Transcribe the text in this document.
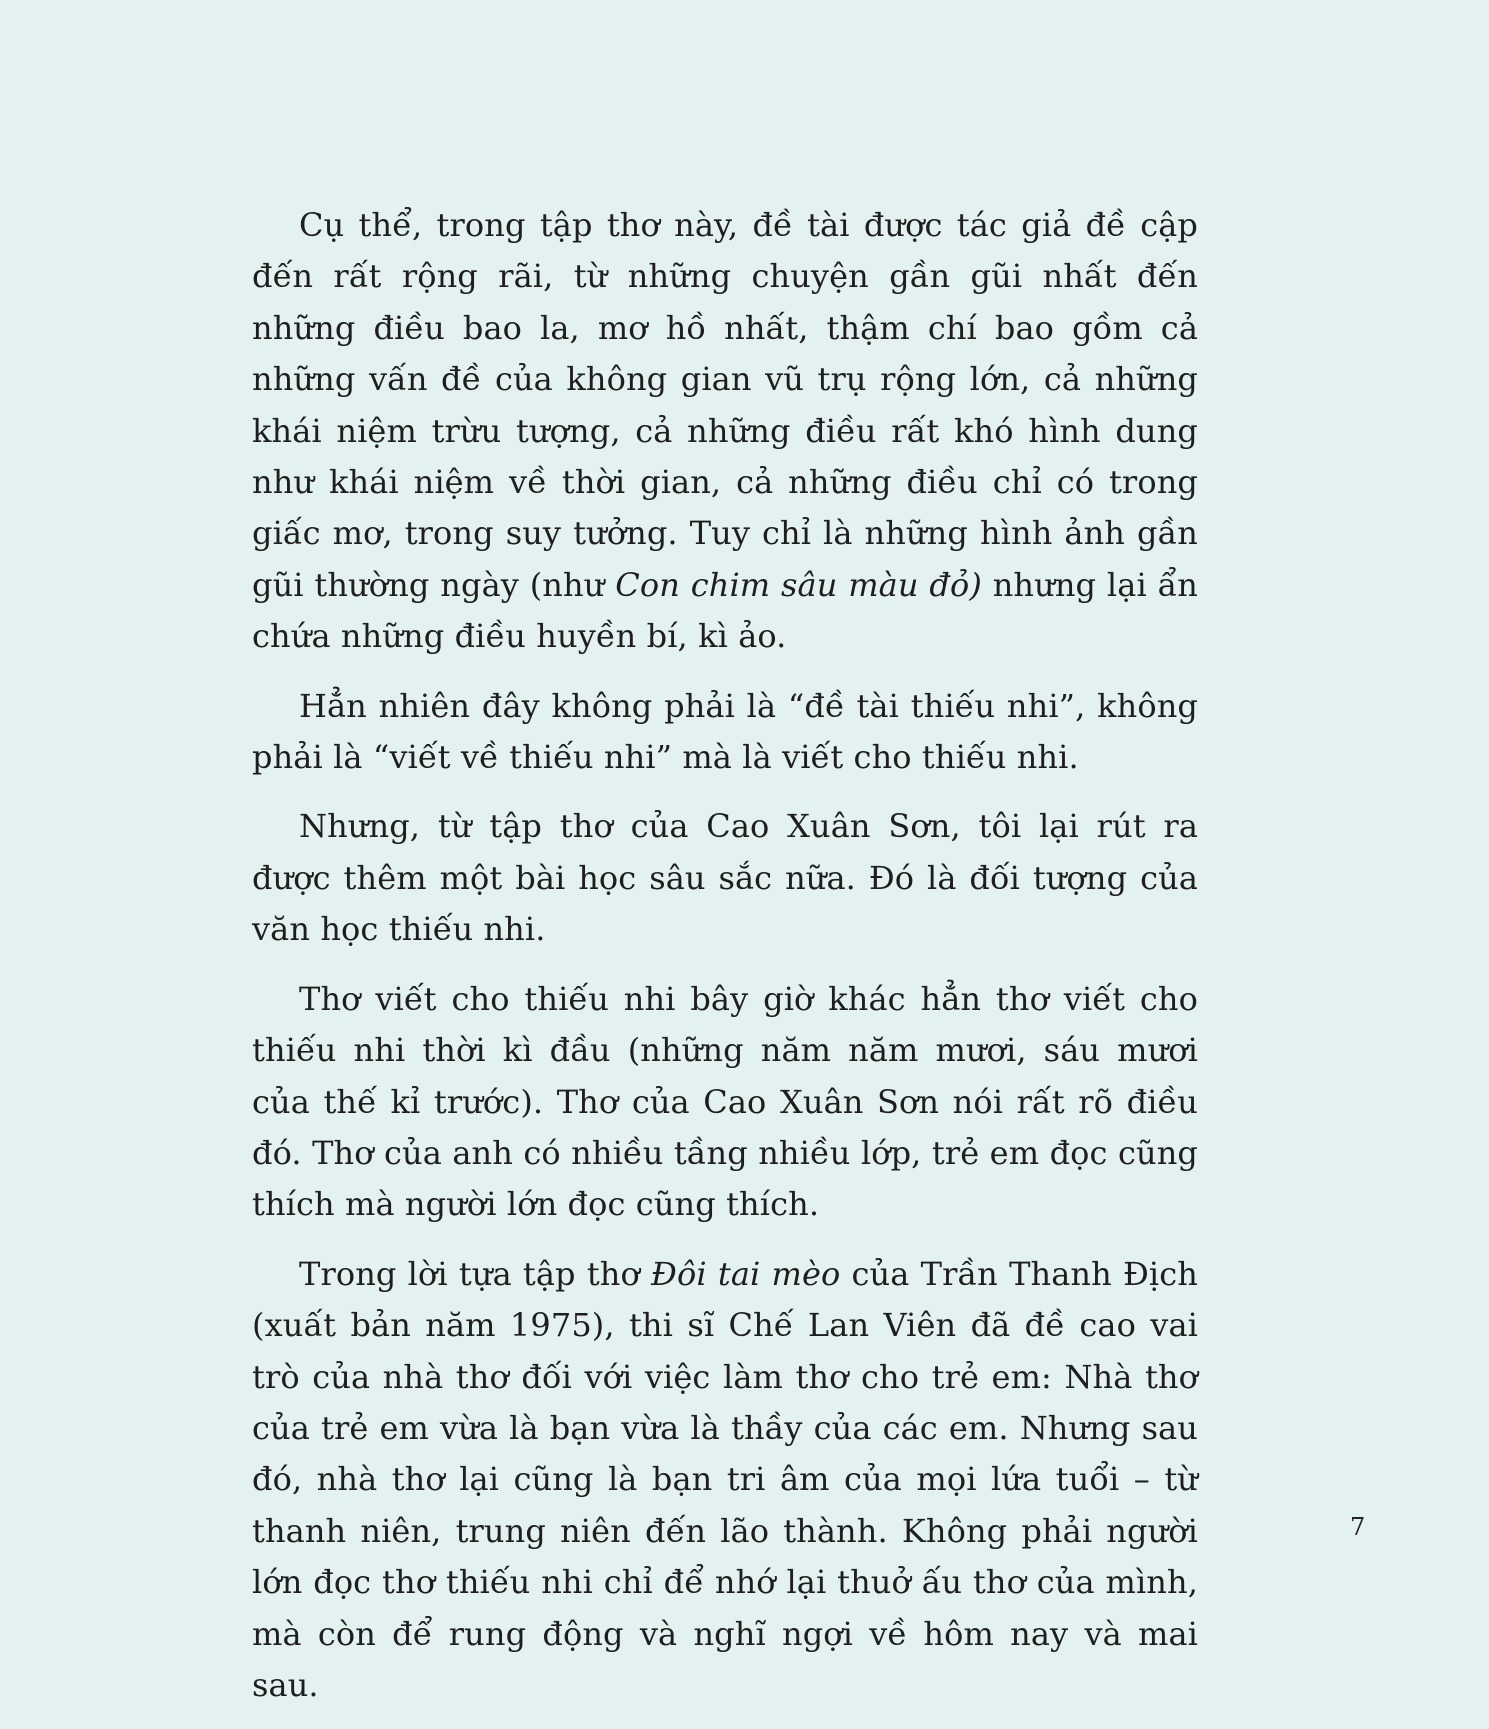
Cụ thể, trong tập thơ này, đề tài được tác giả đề cập đến rất rộng rãi, từ những chuyện gần gũi nhất đến những điều bao la, mơ hồ nhất, thậm chí bao gồm cả những vấn đề của không gian vũ trụ rộng lớn, cả những khái niệm trừu tượng, cả những điều rất khó hình dung như khái niệm về thời gian, cả những điều chỉ có trong giấc mơ, trong suy tưởng. Tuy chỉ là những hình ảnh gần gũi thường ngày (như Con chim sâu màu đỏ) nhưng lại ẩn chứa những điều huyền bí, kì ảo.

Hẳn nhiên đây không phải là “đề tài thiếu nhi”, không phải là “viết về thiếu nhi” mà là viết cho thiếu nhi.

Nhưng, từ tập thơ của Cao Xuân Sơn, tôi lại rút ra được thêm một bài học sâu sắc nữa. Đó là đối tượng của văn học thiếu nhi.

Thơ viết cho thiếu nhi bây giờ khác hẳn thơ viết cho thiếu nhi thời kì đầu (những năm năm mươi, sáu mươi của thế kỉ trước). Thơ của Cao Xuân Sơn nói rất rõ điều đó. Thơ của anh có nhiều tầng nhiều lớp, trẻ em đọc cũng thích mà người lớn đọc cũng thích.

Trong lời tựa tập thơ Đôi tai mèo của Trần Thanh Địch (xuất bản năm 1975), thi sĩ Chế Lan Viên đã đề cao vai trò của nhà thơ đối với việc làm thơ cho trẻ em: Nhà thơ của trẻ em vừa là bạn vừa là thầy của các em. Nhưng sau đó, nhà thơ lại cũng là bạn tri âm của mọi lứa tuổi – từ thanh niên, trung niên đến lão thành. Không phải người lớn đọc thơ thiếu nhi chỉ để nhớ lại thuở ấu thơ của mình, mà còn để rung động và nghĩ ngợi về hôm nay và mai sau.

7
